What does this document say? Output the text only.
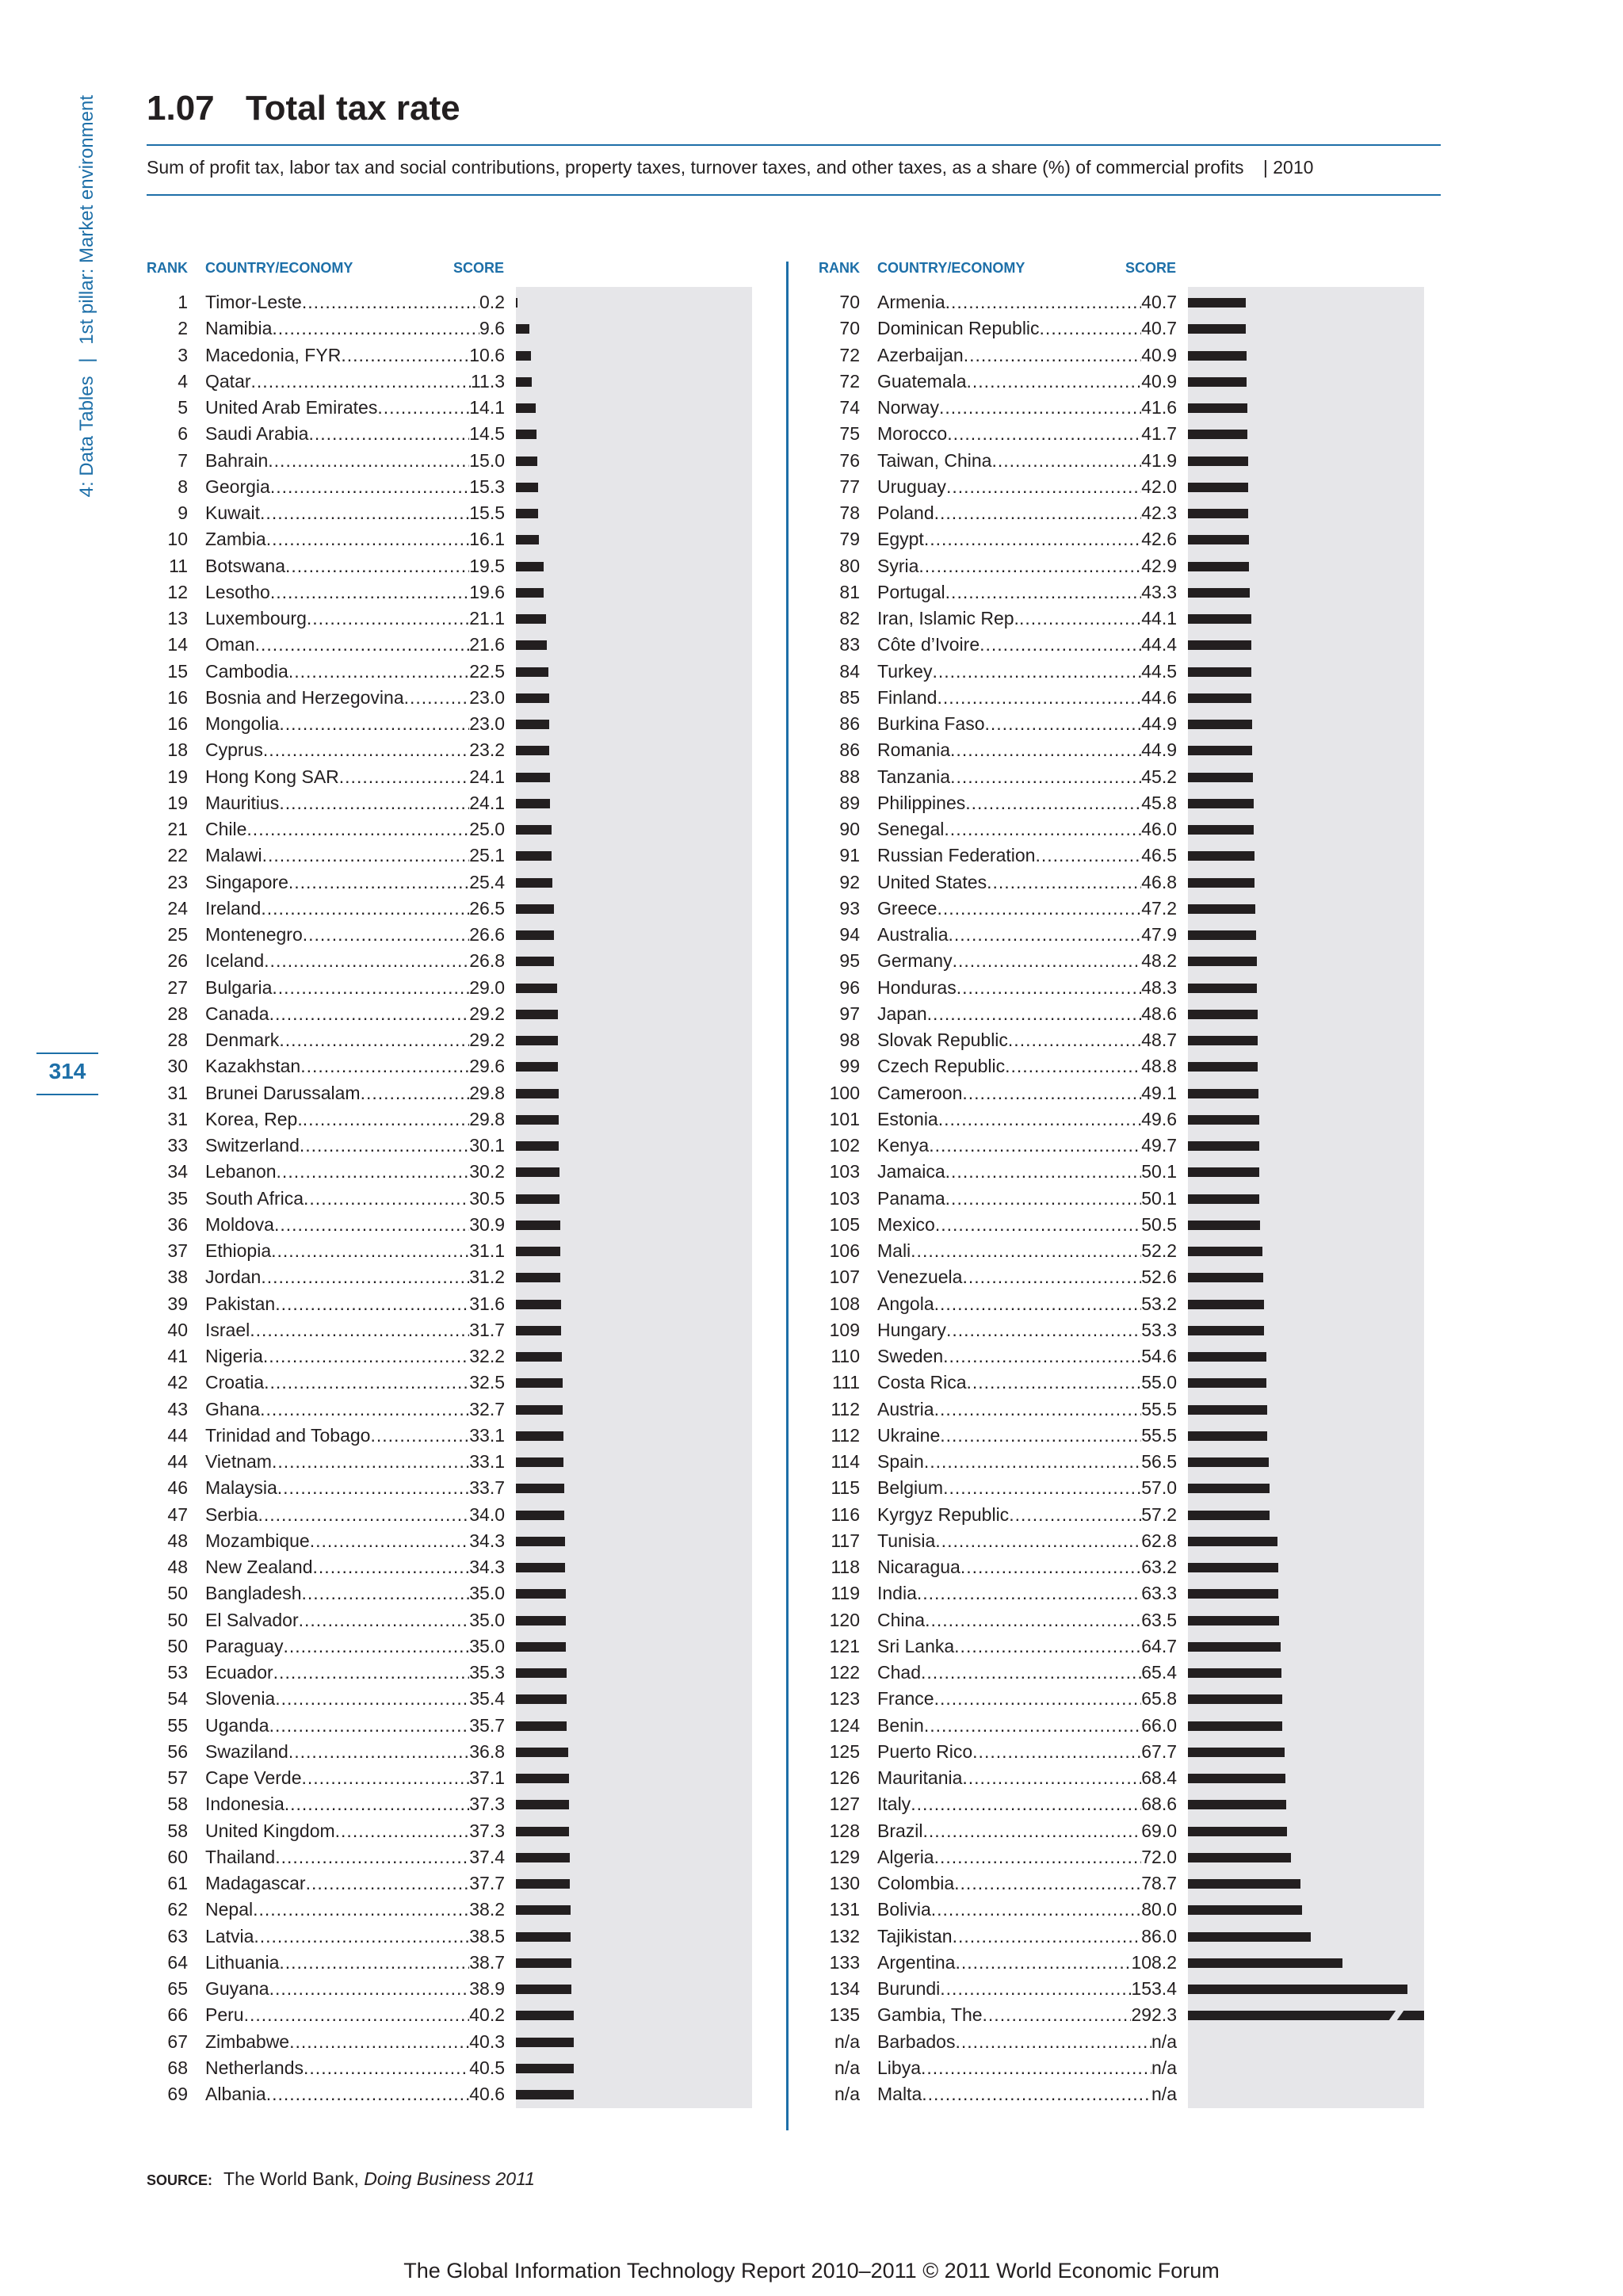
4: Data Tables | 1st pillar: Market environment
314
1.07 Total tax rate
Sum of profit tax, labor tax and social contributions, property taxes, turnover taxes, and other taxes, as a share (%) of commercial profits | 2010
RANK COUNTRY/ECONOMY	SCORE	RANK COUNTRY/ECONOMY	SCORE
1 Timor-Leste .....	0.2
2 Namibia .....	9.6
3 Macedonia, FYR .....	10.6
4 Qatar .....	11.3
5 United Arab Emirates .....	14.1
6 Saudi Arabia .....	14.5
7 Bahrain .....	15.0
8 Georgia .....	15.3
9 Kuwait .....	15.5
10 Zambia .....	16.1
11 Botswana .....	19.5
12 Lesotho .....	19.6
13 Luxembourg .....	21.1
14 Oman .....	21.6
15 Cambodia .....	22.5
16 Bosnia and Herzegovina .....	23.0
16 Mongolia .....	23.0
18 Cyprus .....	23.2
19 Hong Kong SAR .....	24.1
19 Mauritius .....	24.1
21 Chile .....	25.0
22 Malawi .....	25.1
23 Singapore .....	25.4
24 Ireland .....	26.5
25 Montenegro .....	26.6
26 Iceland .....	26.8
27 Bulgaria .....	29.0
28 Canada .....	29.2
28 Denmark .....	29.2
30 Kazakhstan .....	29.6
31 Brunei Darussalam .....	29.8
31 Korea, Rep. .....	29.8
33 Switzerland .....	30.1
34 Lebanon .....	30.2
35 South Africa .....	30.5
36 Moldova .....	30.9
37 Ethiopia .....	31.1
38 Jordan .....	31.2
39 Pakistan .....	31.6
40 Israel .....	31.7
41 Nigeria .....	32.2
42 Croatia .....	32.5
43 Ghana .....	32.7
44 Trinidad and Tobago .....	33.1
44 Vietnam .....	33.1
46 Malaysia .....	33.7
47 Serbia .....	34.0
48 Mozambique .....	34.3
48 New Zealand .....	34.3
50 Bangladesh .....	35.0
50 El Salvador .....	35.0
50 Paraguay .....	35.0
53 Ecuador .....	35.3
54 Slovenia .....	35.4
55 Uganda .....	35.7
56 Swaziland .....	36.8
57 Cape Verde .....	37.1
58 Indonesia .....	37.3
58 United Kingdom .....	37.3
60 Thailand .....	37.4
61 Madagascar .....	37.7
62 Nepal .....	38.2
63 Latvia .....	38.5
64 Lithuania .....	38.7
65 Guyana .....	38.9
66 Peru .....	40.2
67 Zimbabwe .....	40.3
68 Netherlands .....	40.5
69 Albania .....	40.6
70 Armenia .....	40.7
70 Dominican Republic .....	40.7
72 Azerbaijan .....	40.9
72 Guatemala .....	40.9
74 Norway .....	41.6
75 Morocco .....	41.7
76 Taiwan, China .....	41.9
77 Uruguay .....	42.0
78 Poland .....	42.3
79 Egypt .....	42.6
80 Syria .....	42.9
81 Portugal .....	43.3
82 Iran, Islamic Rep. .....	44.1
83 Côte d’Ivoire .....	44.4
84 Turkey .....	44.5
85 Finland .....	44.6
86 Burkina Faso .....	44.9
86 Romania .....	44.9
88 Tanzania .....	45.2
89 Philippines .....	45.8
90 Senegal .....	46.0
91 Russian Federation .....	46.5
92 United States .....	46.8
93 Greece .....	47.2
94 Australia .....	47.9
95 Germany .....	48.2
96 Honduras .....	48.3
97 Japan .....	48.6
98 Slovak Republic .....	48.7
99 Czech Republic .....	48.8
100 Cameroon .....	49.1
101 Estonia .....	49.6
102 Kenya .....	49.7
103 Jamaica .....	50.1
103 Panama .....	50.1
105 Mexico .....	50.5
106 Mali .....	52.2
107 Venezuela .....	52.6
108 Angola .....	53.2
109 Hungary .....	53.3
110 Sweden .....	54.6
111 Costa Rica .....	55.0
112 Austria .....	55.5
112 Ukraine .....	55.5
114 Spain .....	56.5
115 Belgium .....	57.0
116 Kyrgyz Republic .....	57.2
117 Tunisia .....	62.8
118 Nicaragua .....	63.2
119 India .....	63.3
120 China .....	63.5
121 Sri Lanka .....	64.7
122 Chad .....	65.4
123 France .....	65.8
124 Benin .....	66.0
125 Puerto Rico .....	67.7
126 Mauritania .....	68.4
127 Italy .....	68.6
128 Brazil .....	69.0
129 Algeria .....	72.0
130 Colombia .....	78.7
131 Bolivia .....	80.0
132 Tajikistan .....	86.0
133 Argentina .....	108.2
134 Burundi .....	153.4
135 Gambia, The .....	292.3
n/a Barbados .....	n/a
n/a Libya .....	n/a
n/a Malta .....	n/a
SOURCE: The World Bank, Doing Business 2011
The Global Information Technology Report 2010–2011 © 2011 World Economic Forum
